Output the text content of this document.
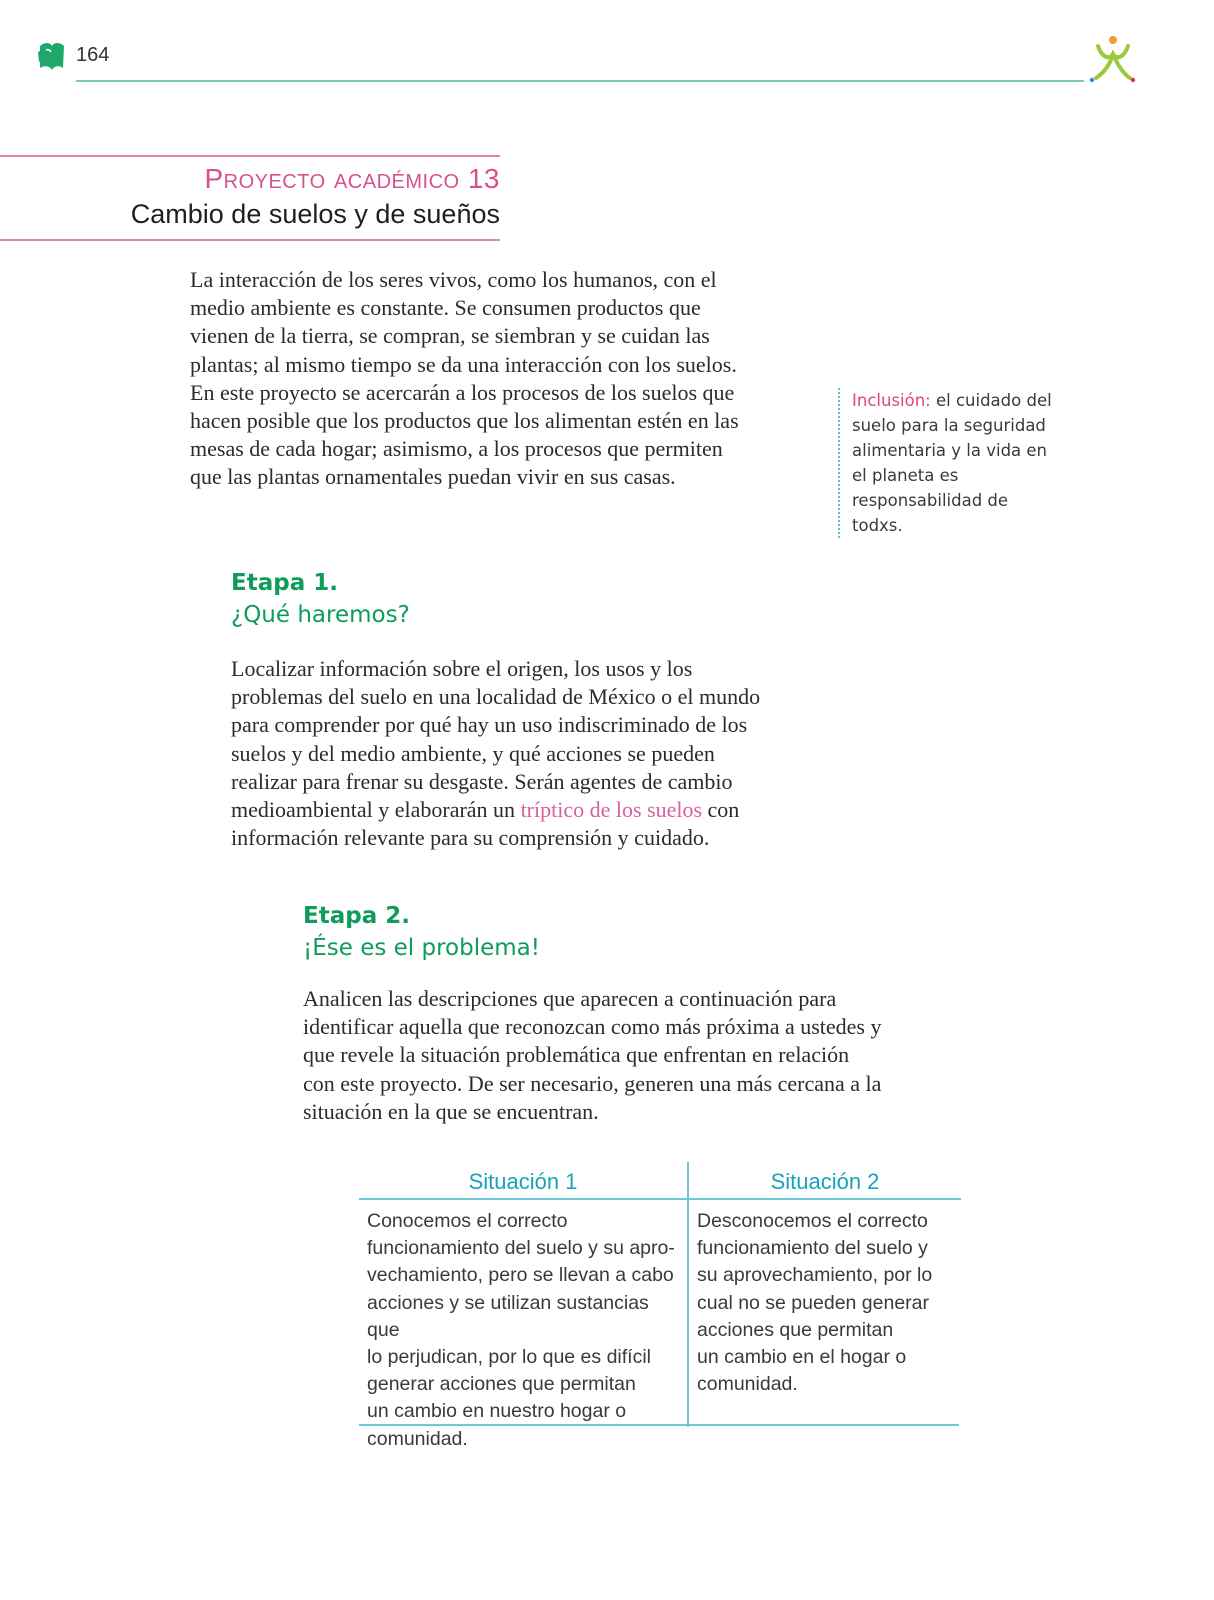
164
Proyecto académico 13
Cambio de suelos y de sueños

La interacción de los seres vivos, como los humanos, con el medio ambiente es constante. Se consumen productos que vienen de la tierra, se compran, se siembran y se cuidan las plantas; al mismo tiempo se da una interacción con los suelos. En este proyecto se acercarán a los procesos de los suelos que hacen posible que los productos que los alimentan estén en las mesas de cada hogar; asimismo, a los procesos que permiten que las plantas ornamentales puedan vivir en sus casas.

Inclusión: el cuidado del suelo para la seguridad alimentaria y la vida en el planeta es responsabilidad de todxs.
Etapa 1.
¿Qué haremos?

Localizar información sobre el origen, los usos y los problemas del suelo en una localidad de México o el mundo para comprender por qué hay un uso indiscriminado de los suelos y del medio ambiente, y qué acciones se pueden realizar para frenar su desgaste. Serán agentes de cambio medioambiental y elaborarán un tríptico de los suelos con información relevante para su comprensión y cuidado.

Etapa 2.
¡Ése es el problema!

Analicen las descripciones que aparecen a continuación para identificar aquella que reconozcan como más próxima a ustedes y que revele la situación problemática que enfrentan en relación con este proyecto. De ser necesario, generen una más cercana a la situación en la que se encuentran.

Situación 1
Conocemos el correcto
funcionamiento del suelo y su apro-
vechamiento, pero se llevan a cabo
acciones y se utilizan sustancias que
lo perjudican, por lo que es difícil
generar acciones que permitan
un cambio en nuestro hogar o
comunidad.
Situación 2
Desconocemos el correcto
funcionamiento del suelo y
su aprovechamiento, por lo
cual no se pueden generar
acciones que permitan
un cambio en el hogar o
comunidad.
